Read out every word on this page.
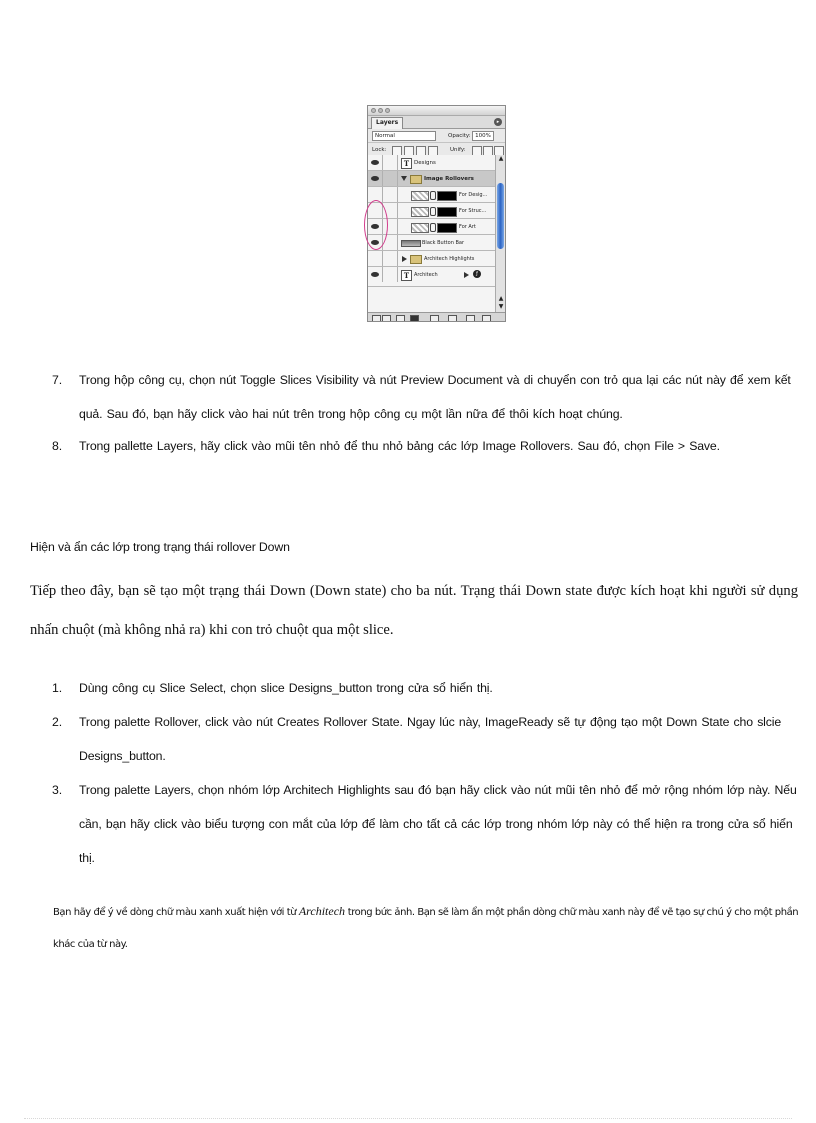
Layers	▸
Normal	Opacity: 100%
Lock:	Unify:
T Designs
Image Rollovers
For Desig...
For Struc...
For Art
Black Button Bar
Architech Highlights
T Architech	ƒ
▲
▲
▼
7. Trong hộp công cụ, chọn nút Toggle Slices Visibility và nút Preview Document và di chuyển con trỏ qua lại các nút này để xem kết quả. Sau đó, bạn hãy click vào hai nút trên trong hộp công cụ một lần nữa để thôi kích hoạt chúng.
8. Trong pallette Layers, hãy click vào mũi tên nhỏ để thu nhỏ bảng các lớp Image Rollovers. Sau đó, chọn File > Save.
Hiện và ẩn các lớp trong trạng thái rollover Down
Tiếp theo đây, bạn sẽ tạo một trạng thái Down (Down state) cho ba nút. Trạng thái Down state được kích hoạt khi người sử dụng nhấn chuột (mà không nhả ra) khi con trỏ chuột qua một slice.
1. Dùng công cụ Slice Select, chọn slice Designs_button trong cửa sổ hiển thị.
2. Trong palette Rollover, click vào nút Creates Rollover State. Ngay lúc này, ImageReady sẽ tự động tạo một Down State cho slcie Designs_button.
3. Trong palette Layers, chọn nhóm lớp Architech Highlights sau đó bạn hãy click vào nút mũi tên nhỏ để mở rộng nhóm lớp này. Nếu cần, bạn hãy click vào biểu tượng con mắt của lớp để làm cho tất cả các lớp trong nhóm lớp này có thể hiện ra trong cửa sổ hiển thị.
Bạn hãy để ý về dòng chữ màu xanh xuất hiện với từ Architech trong bức ảnh. Bạn sẽ làm ẩn một phần dòng chữ màu xanh này để vẽ tạo sự chú ý cho một phần khác của từ này.
